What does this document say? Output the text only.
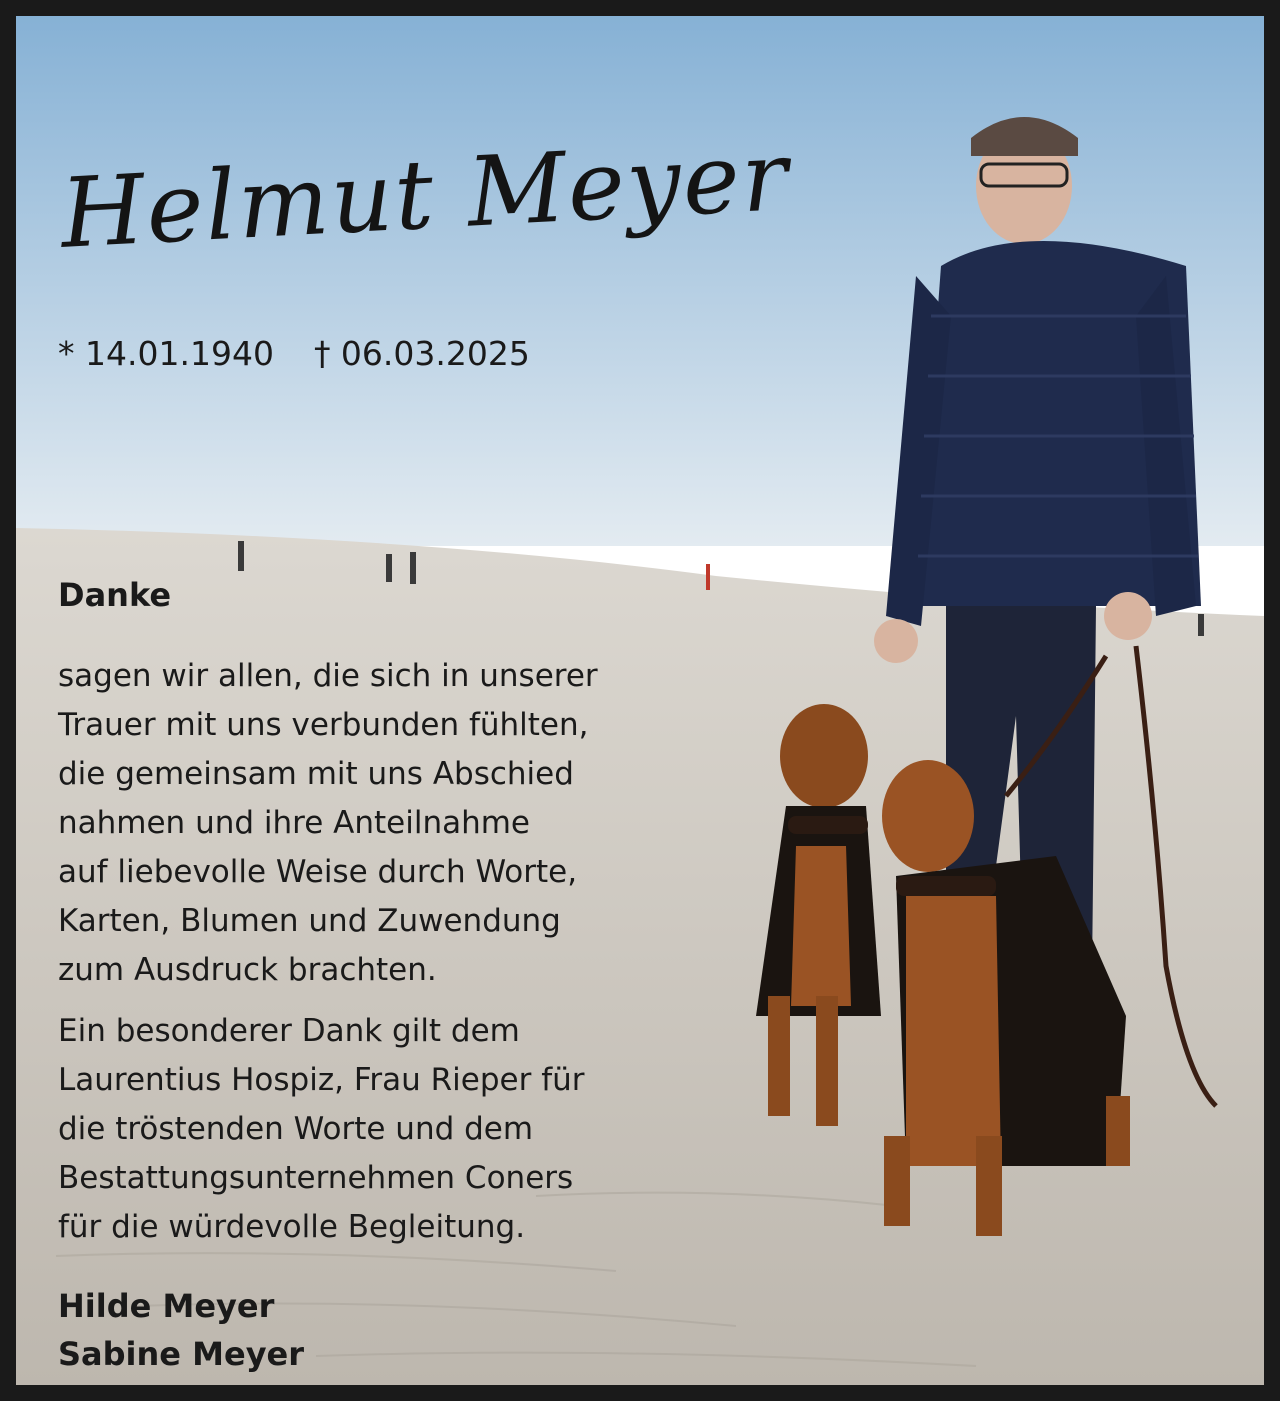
Helmut Meyer
* 14.01.1940 † 06.03.2025
Danke
sagen wir allen, die sich in unserer
Trauer mit uns verbunden fühlten,
die gemeinsam mit uns Abschied
nahmen und ihre Anteilnahme
auf liebevolle Weise durch Worte,
Karten, Blumen und Zuwendung
zum Ausdruck brachten.
Ein besonderer Dank gilt dem
Laurentius Hospiz, Frau Rieper für
die tröstenden Worte und dem
Bestattungsunternehmen Coners
für die würdevolle Begleitung.
Hilde Meyer
Sabine Meyer
